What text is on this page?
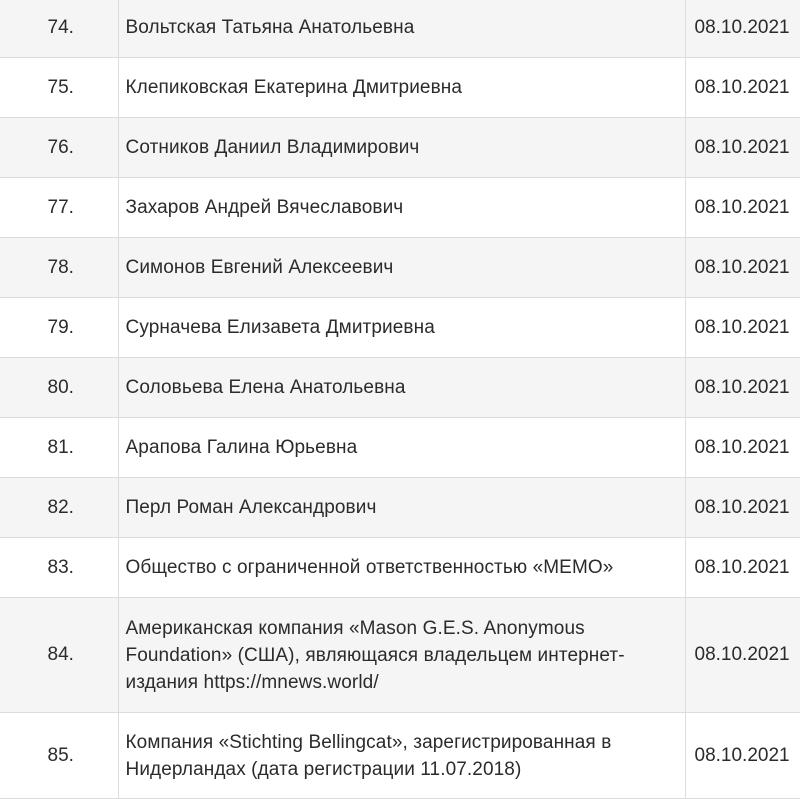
74.	Вольтская Татьяна Анатольевна	08.10.2021
75.	Клепиковская Екатерина Дмитриевна	08.10.2021
76.	Сотников Даниил Владимирович	08.10.2021
77.	Захаров Андрей Вячеславович	08.10.2021
78.	Симонов Евгений Алексеевич	08.10.2021
79.	Сурначева Елизавета Дмитриевна	08.10.2021
80.	Соловьева Елена Анатольевна	08.10.2021
81.	Арапова Галина Юрьевна	08.10.2021
82.	Перл Роман Александрович	08.10.2021
83.	Общество с ограниченной ответственностью «МЕМО»	08.10.2021
84.	Американская компания «Mason G.E.S. Anonymous Foundation» (США), являющаяся владельцем интернет-издания https://mnews.world/	08.10.2021
85.	Компания «Stichting Bellingcat», зарегистрированная в Нидерландах (дата регистрации 11.07.2018)	08.10.2021
